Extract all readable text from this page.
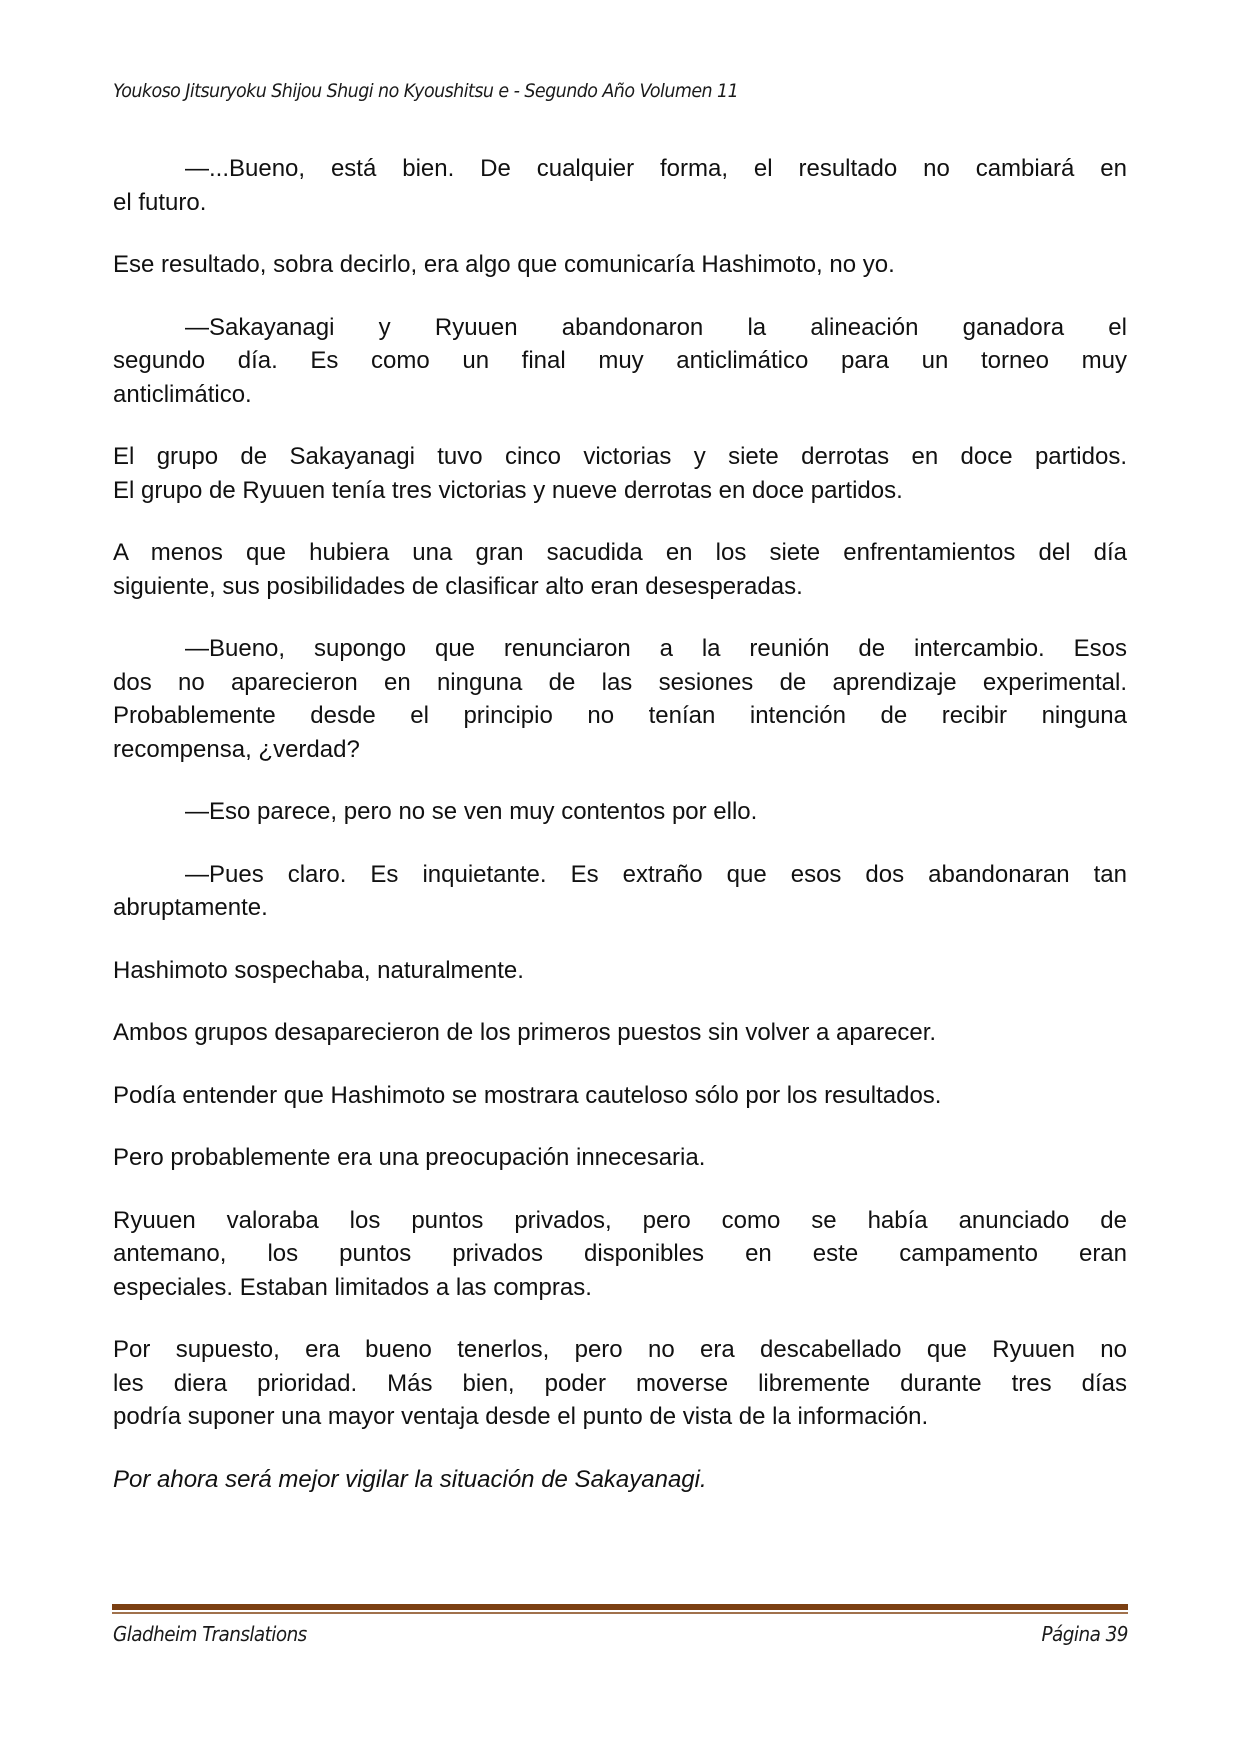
Youkoso Jitsuryoku Shijou Shugi no Kyoushitsu e - Segundo Año Volumen 11
—...Bueno, está bien. De cualquier forma, el resultado no cambiará en
el futuro.
Ese resultado, sobra decirlo, era algo que comunicaría Hashimoto, no yo.
—Sakayanagi y Ryuuen abandonaron la alineación ganadora el
segundo día. Es como un final muy anticlimático para un torneo muy
anticlimático.
El grupo de Sakayanagi tuvo cinco victorias y siete derrotas en doce partidos.
El grupo de Ryuuen tenía tres victorias y nueve derrotas en doce partidos.
A menos que hubiera una gran sacudida en los siete enfrentamientos del día
siguiente, sus posibilidades de clasificar alto eran desesperadas.
—Bueno, supongo que renunciaron a la reunión de intercambio. Esos
dos no aparecieron en ninguna de las sesiones de aprendizaje experimental.
Probablemente desde el principio no tenían intención de recibir ninguna
recompensa, ¿verdad?
—Eso parece, pero no se ven muy contentos por ello.
—Pues claro. Es inquietante. Es extraño que esos dos abandonaran tan
abruptamente.
Hashimoto sospechaba, naturalmente.
Ambos grupos desaparecieron de los primeros puestos sin volver a aparecer.
Podía entender que Hashimoto se mostrara cauteloso sólo por los resultados.
Pero probablemente era una preocupación innecesaria.
Ryuuen valoraba los puntos privados, pero como se había anunciado de
antemano, los puntos privados disponibles en este campamento eran
especiales. Estaban limitados a las compras.
Por supuesto, era bueno tenerlos, pero no era descabellado que Ryuuen no
les diera prioridad. Más bien, poder moverse libremente durante tres días
podría suponer una mayor ventaja desde el punto de vista de la información.
Por ahora será mejor vigilar la situación de Sakayanagi.
Gladheim Translations	Página 39
